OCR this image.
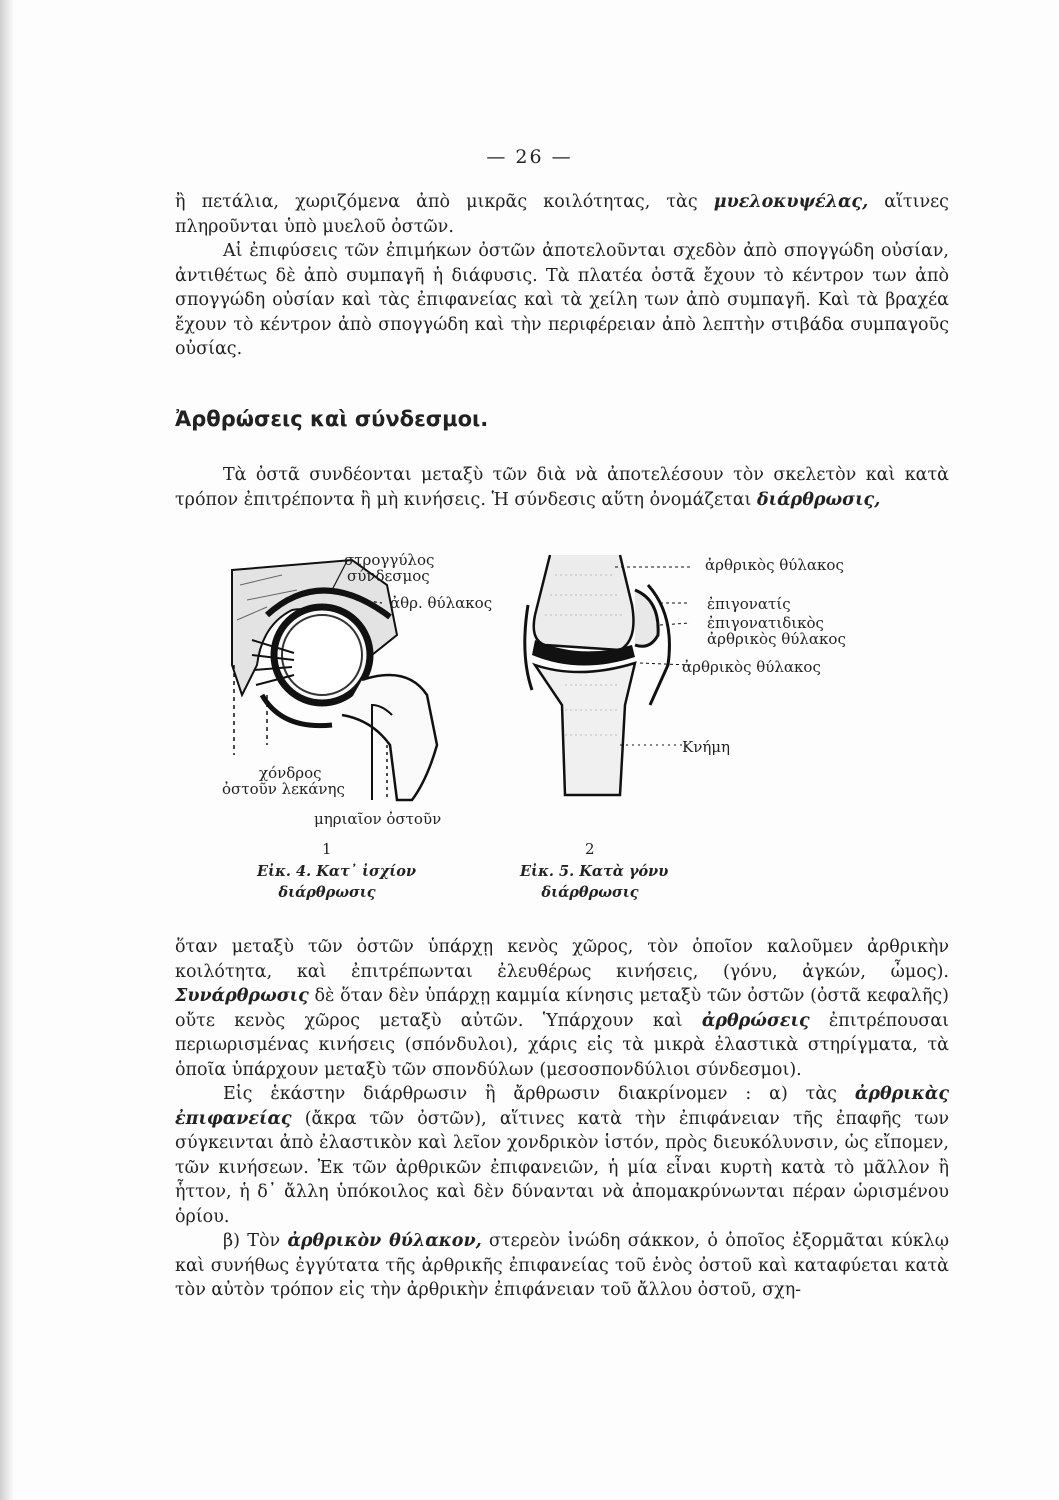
— 26 —

ἢ πετάλια, χωριζόμενα ἀπὸ μικρᾶς κοιλότητας, τὰς μυελοκυψέλας, αἵτινες πληροῦνται ὑπὸ μυελοῦ ὀστῶν.

Αἱ ἐπιφύσεις τῶν ἐπιμήκων ὀστῶν ἀποτελοῦνται σχεδὸν ἀπὸ σπογγώδη οὐσίαν, ἀντιθέτως δὲ ἀπὸ συμπαγῆ ἡ διάφυσις. Τὰ πλατέα ὀστᾶ ἔχουν τὸ κέντρον των ἀπὸ σπογγώδη οὐσίαν καὶ τὰς ἐπιφανείας καὶ τὰ χείλη των ἀπὸ συμπαγῆ. Καὶ τὰ βραχέα ἔχουν τὸ κέντρον ἀπὸ σπογγώδη καὶ τὴν περιφέρειαν ἀπὸ λεπτὴν στιβάδα συμπαγοῦς οὐσίας.

Ἀρθρώσεις καὶ σύνδεσμοι.

Τὰ ὀστᾶ συνδέονται μεταξὺ τῶν διὰ νὰ ἀποτελέσουν τὸν σκελετὸν καὶ κατὰ τρόπον ἐπιτρέποντα ἢ μὴ κινήσεις. Ἡ σύνδεσις αὕτη ὀνομάζεται διάρθρωσις,

στρογγύλος
σύνδεσμος
ἀθρ. θύλακος
χόνδρος
ὀστοῦν λεκάνης
μηριαῖον ὀστοῦν
1
Εἰκ. 4. Κατ᾽ ἰσχίον
διάρθρωσις
ἀρθρικὸς θύλακος
ἐπιγονατίς
ἐπιγονατιδικὸς
ἀρθρικὸς θύλακος
ἀρθρικὸς θύλακος
Κνήμη
2
Εἰκ. 5. Κατὰ γόνυ
διάρθρωσις

ὅταν μεταξὺ τῶν ὀστῶν ὑπάρχῃ κενὸς χῶρος, τὸν ὁποῖον καλοῦμεν ἀρθρικὴν κοιλότητα, καὶ ἐπιτρέπωνται ἐλευθέρως κινήσεις, (γόνυ, ἀγκών, ὦμος). Συνάρθρωσις δὲ ὅταν δὲν ὑπάρχῃ καμμία κίνησις μεταξὺ τῶν ὀστῶν (ὀστᾶ κεφαλῆς) οὔτε κενὸς χῶρος μεταξὺ αὐτῶν. Ὑπάρχουν καὶ ἀρθρώσεις ἐπιτρέπουσαι περιωρισμένας κινήσεις (σπόνδυλοι), χάρις εἰς τὰ μικρὰ ἐλαστικὰ στηρίγματα, τὰ ὁποῖα ὑπάρχουν μεταξὺ τῶν σπονδύλων (μεσοσπονδύλιοι σύνδεσμοι).

Εἰς ἑκάστην διάρθρωσιν ἢ ἄρθρωσιν διακρίνομεν : α) τὰς ἀρθρικὰς ἐπιφανείας (ἄκρα τῶν ὀστῶν), αἵτινες κατὰ τὴν ἐπιφάνειαν τῆς ἐπαφῆς των σύγκεινται ἀπὸ ἐλαστικὸν καὶ λεῖον χονδρικὸν ἱστόν, πρὸς διευκόλυνσιν, ὡς εἴπομεν, τῶν κινήσεων. Ἐκ τῶν ἀρθρικῶν ἐπιφανειῶν, ἡ μία εἶναι κυρτὴ κατὰ τὸ μᾶλλον ἢ ἧττον, ἡ δ᾽ ἄλλη ὑπόκοιλος καὶ δὲν δύνανται νὰ ἀπομακρύνωνται πέραν ὡρισμένου ὁρίου.

β) Τὸν ἀρθρικὸν θύλακον, στερεὸν ἰνώδη σάκκον, ὁ ὁποῖος ἐξορμᾶται κύκλῳ καὶ συνήθως ἐγγύτατα τῆς ἀρθρικῆς ἐπιφανείας τοῦ ἑνὸς ὀστοῦ καὶ καταφύεται κατὰ τὸν αὐτὸν τρόπον εἰς τὴν ἀρθρικὴν ἐπιφάνειαν τοῦ ἄλλου ὀστοῦ, σχη-
